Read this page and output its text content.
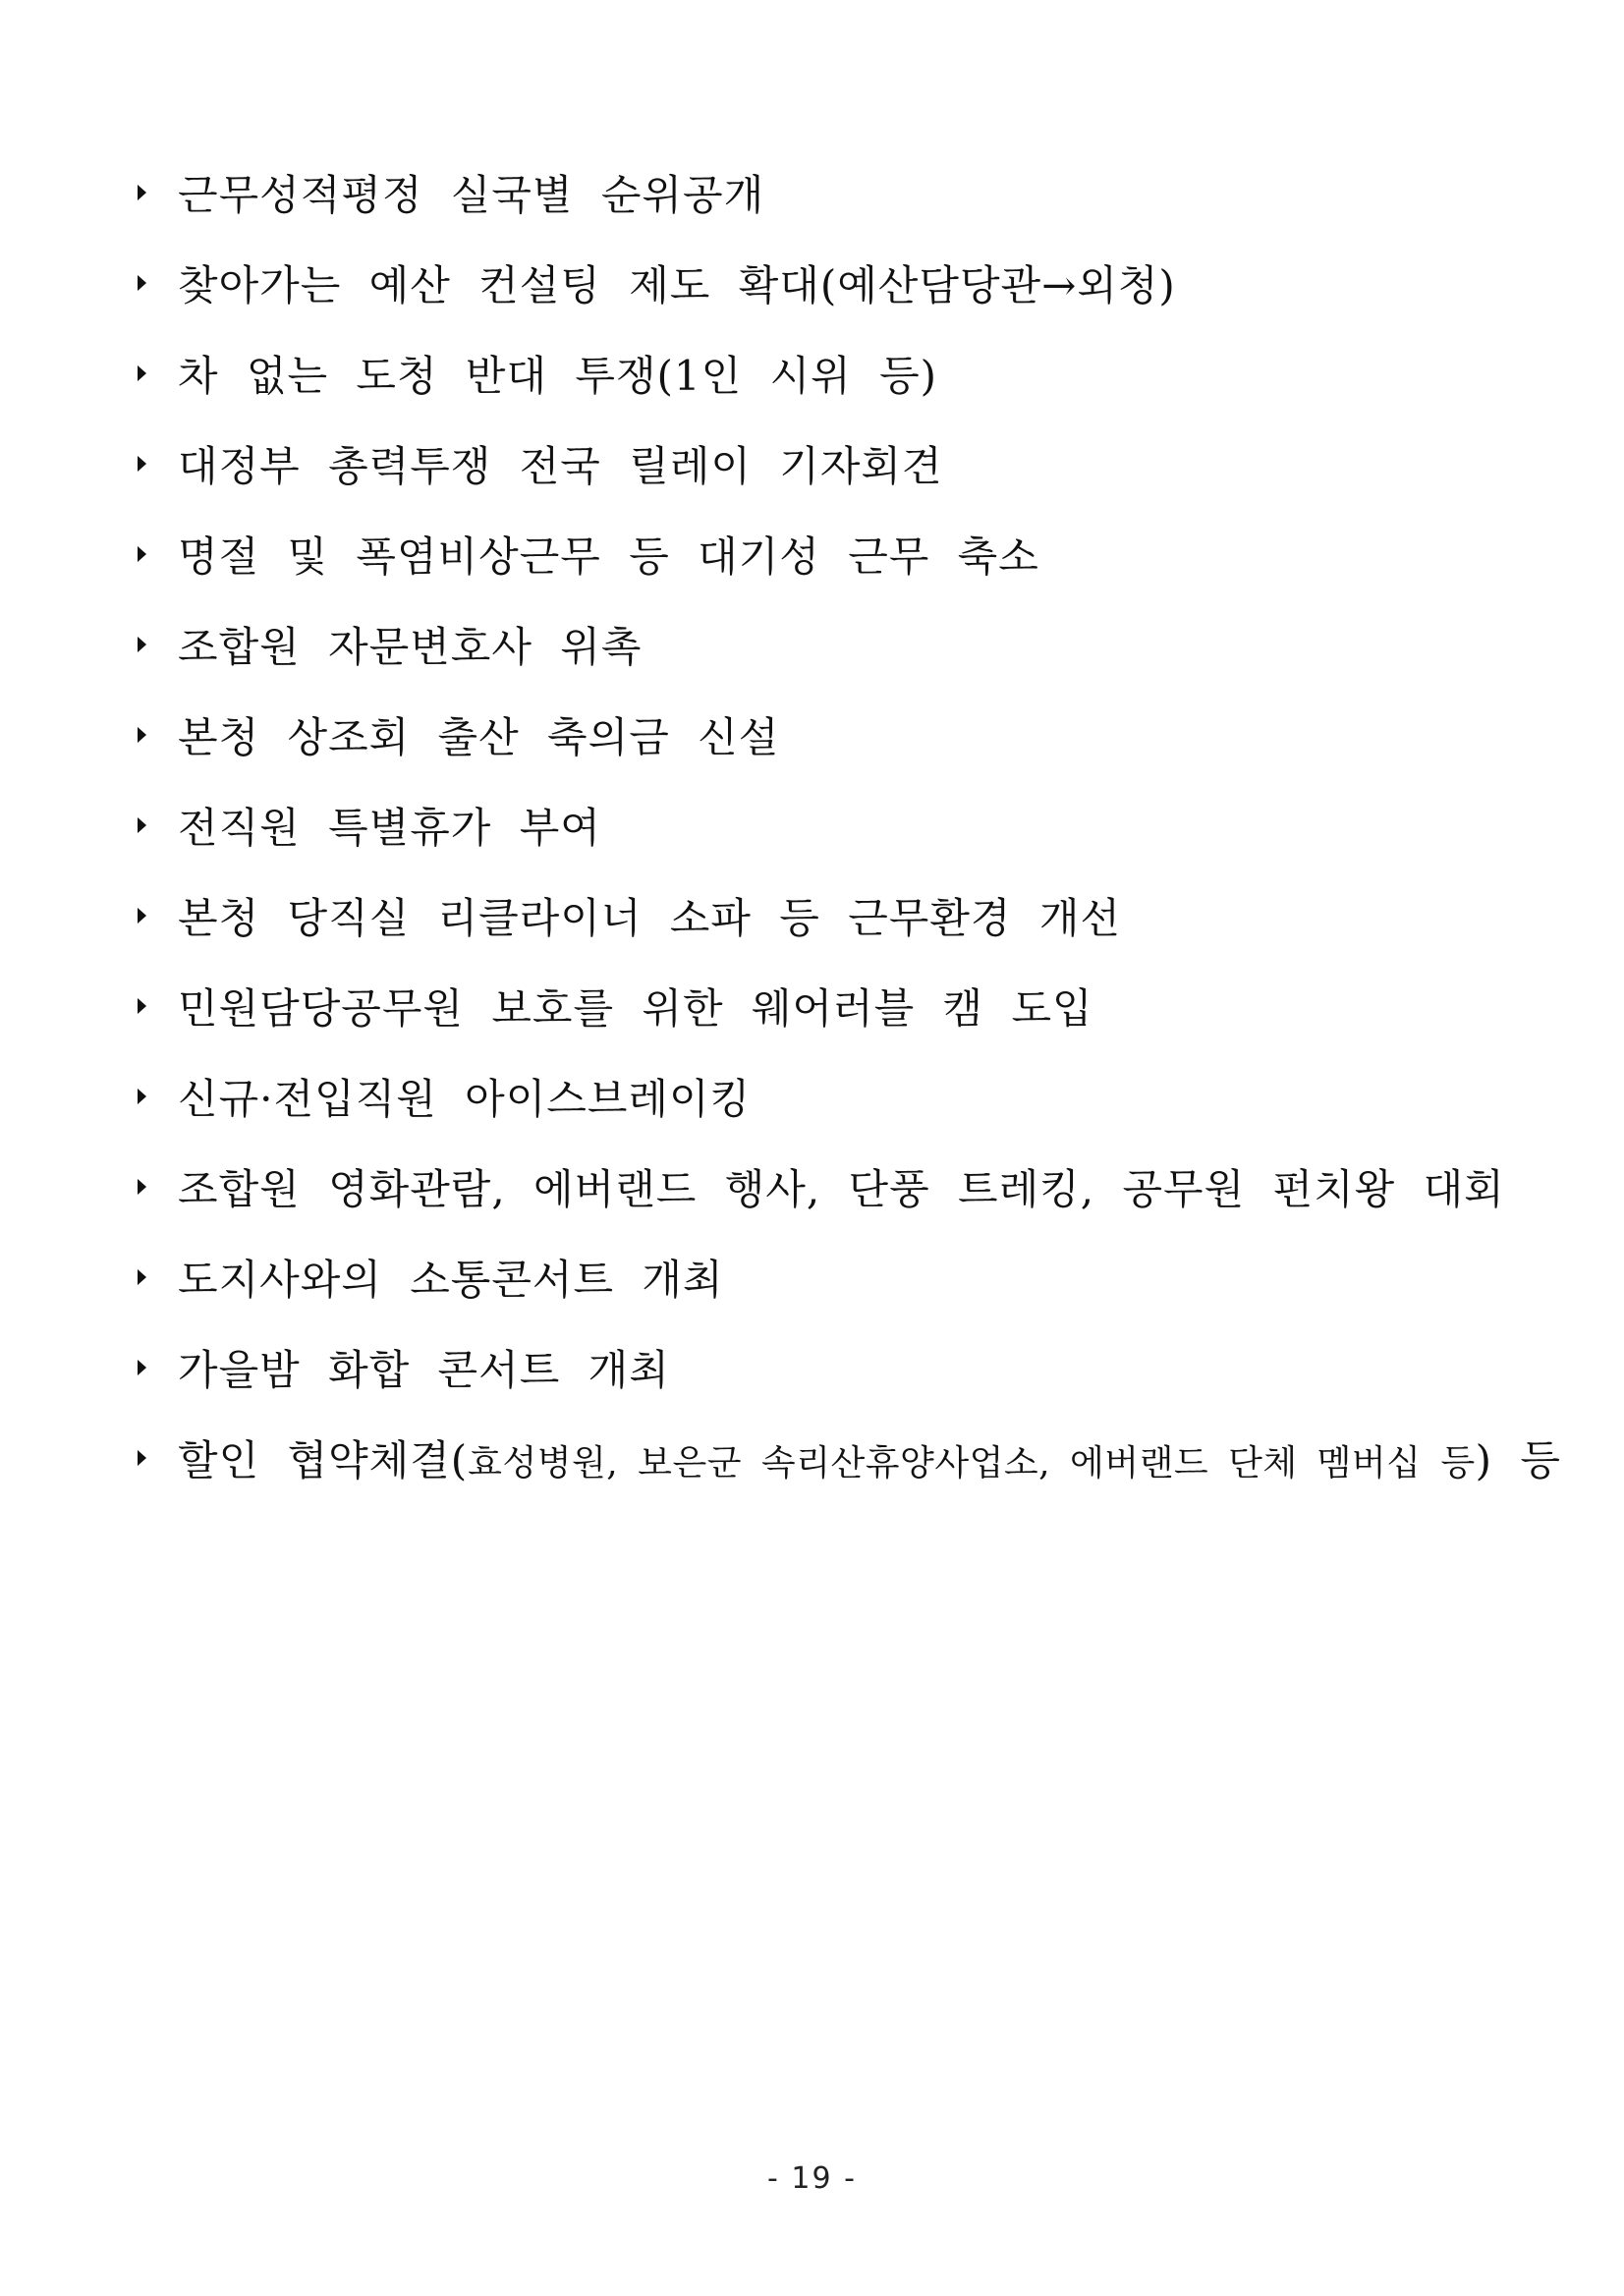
근무성적평정 실국별 순위공개
찾아가는 예산 컨설팅 제도 확대(예산담당관→외청)
차 없는 도청 반대 투쟁(1인 시위 등)
대정부 총력투쟁 전국 릴레이 기자회견
명절 및 폭염비상근무 등 대기성 근무 축소
조합원 자문변호사 위촉
본청 상조회 출산 축의금 신설
전직원 특별휴가 부여
본청 당직실 리클라이너 소파 등 근무환경 개선
민원담당공무원 보호를 위한 웨어러블 캠 도입
신규·전입직원 아이스브레이킹
조합원 영화관람, 에버랜드 행사, 단풍 트레킹, 공무원 펀치왕 대회
도지사와의 소통콘서트 개최
가을밤 화합 콘서트 개최
할인 협약체결(효성병원, 보은군 속리산휴양사업소, 에버랜드 단체 멤버십 등) 등
- 19 -
